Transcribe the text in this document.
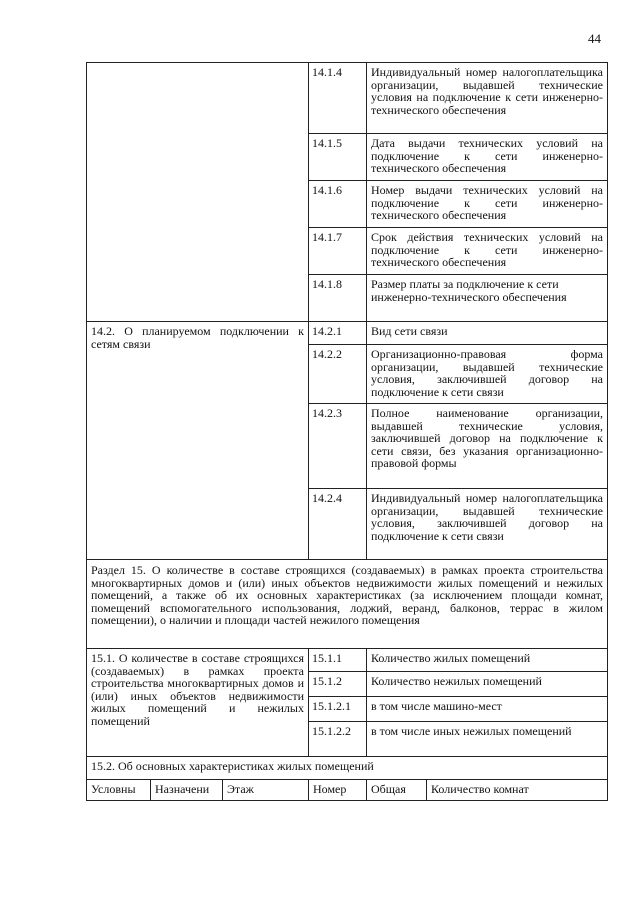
44
			14.1.4	Индивидуальный номер налогоплательщика организации, выдавшей технические условия на подключение к сети инженерно-технического обеспечения	
			14.1.5	Дата выдачи технических условий на подключение к сети инженерно-технического обеспечения	
			14.1.6	Номер выдачи технических условий на подключение к сети инженерно-технического обеспечения	
			14.1.7	Срок действия технических условий на подключение к сети инженерно-технического обеспечения	
			14.1.8	Размер платы за подключение к сети инженерно-технического обеспечения	
14.2. О планируемом подключении к сетям связи			14.2.1	Вид сети связи	
			14.2.2	Организационно-правовая форма организации, выдавшей технические условия, заключившей договор на подключение к сети связи	
			14.2.3	Полное наименование организации, выдавшей технические условия, заключившей договор на подключение к сети связи, без указания организационно-правовой формы	
			14.2.4	Индивидуальный номер налогоплательщика организации, выдавшей технические условия, заключившей договор на подключение к сети связи	
Раздел 15. О количестве в составе строящихся (создаваемых) в рамках проекта строительства многоквартирных домов и (или) иных объектов недвижимости жилых помещений и нежилых помещений, а также об их основных характеристиках (за исключением площади комнат, помещений вспомогательного использования, лоджий, веранд, балконов, террас в жилом помещении), о наличии и площади частей нежилого помещения					
15.1. О количестве в составе строящихся (создаваемых) в рамках проекта строительства многоквартирных домов и (или) иных объектов недвижимости жилых помещений и нежилых помещений			15.1.1	Количество жилых помещений	
			15.1.2	Количество нежилых помещений	
			15.1.2.1	в том числе машино-мест	
			15.1.2.2	в том числе иных нежилых помещений	
15.2. Об основных характеристиках жилых помещений					
Условны	Назначени	Этаж	Номер	Общая	Количество комнат
